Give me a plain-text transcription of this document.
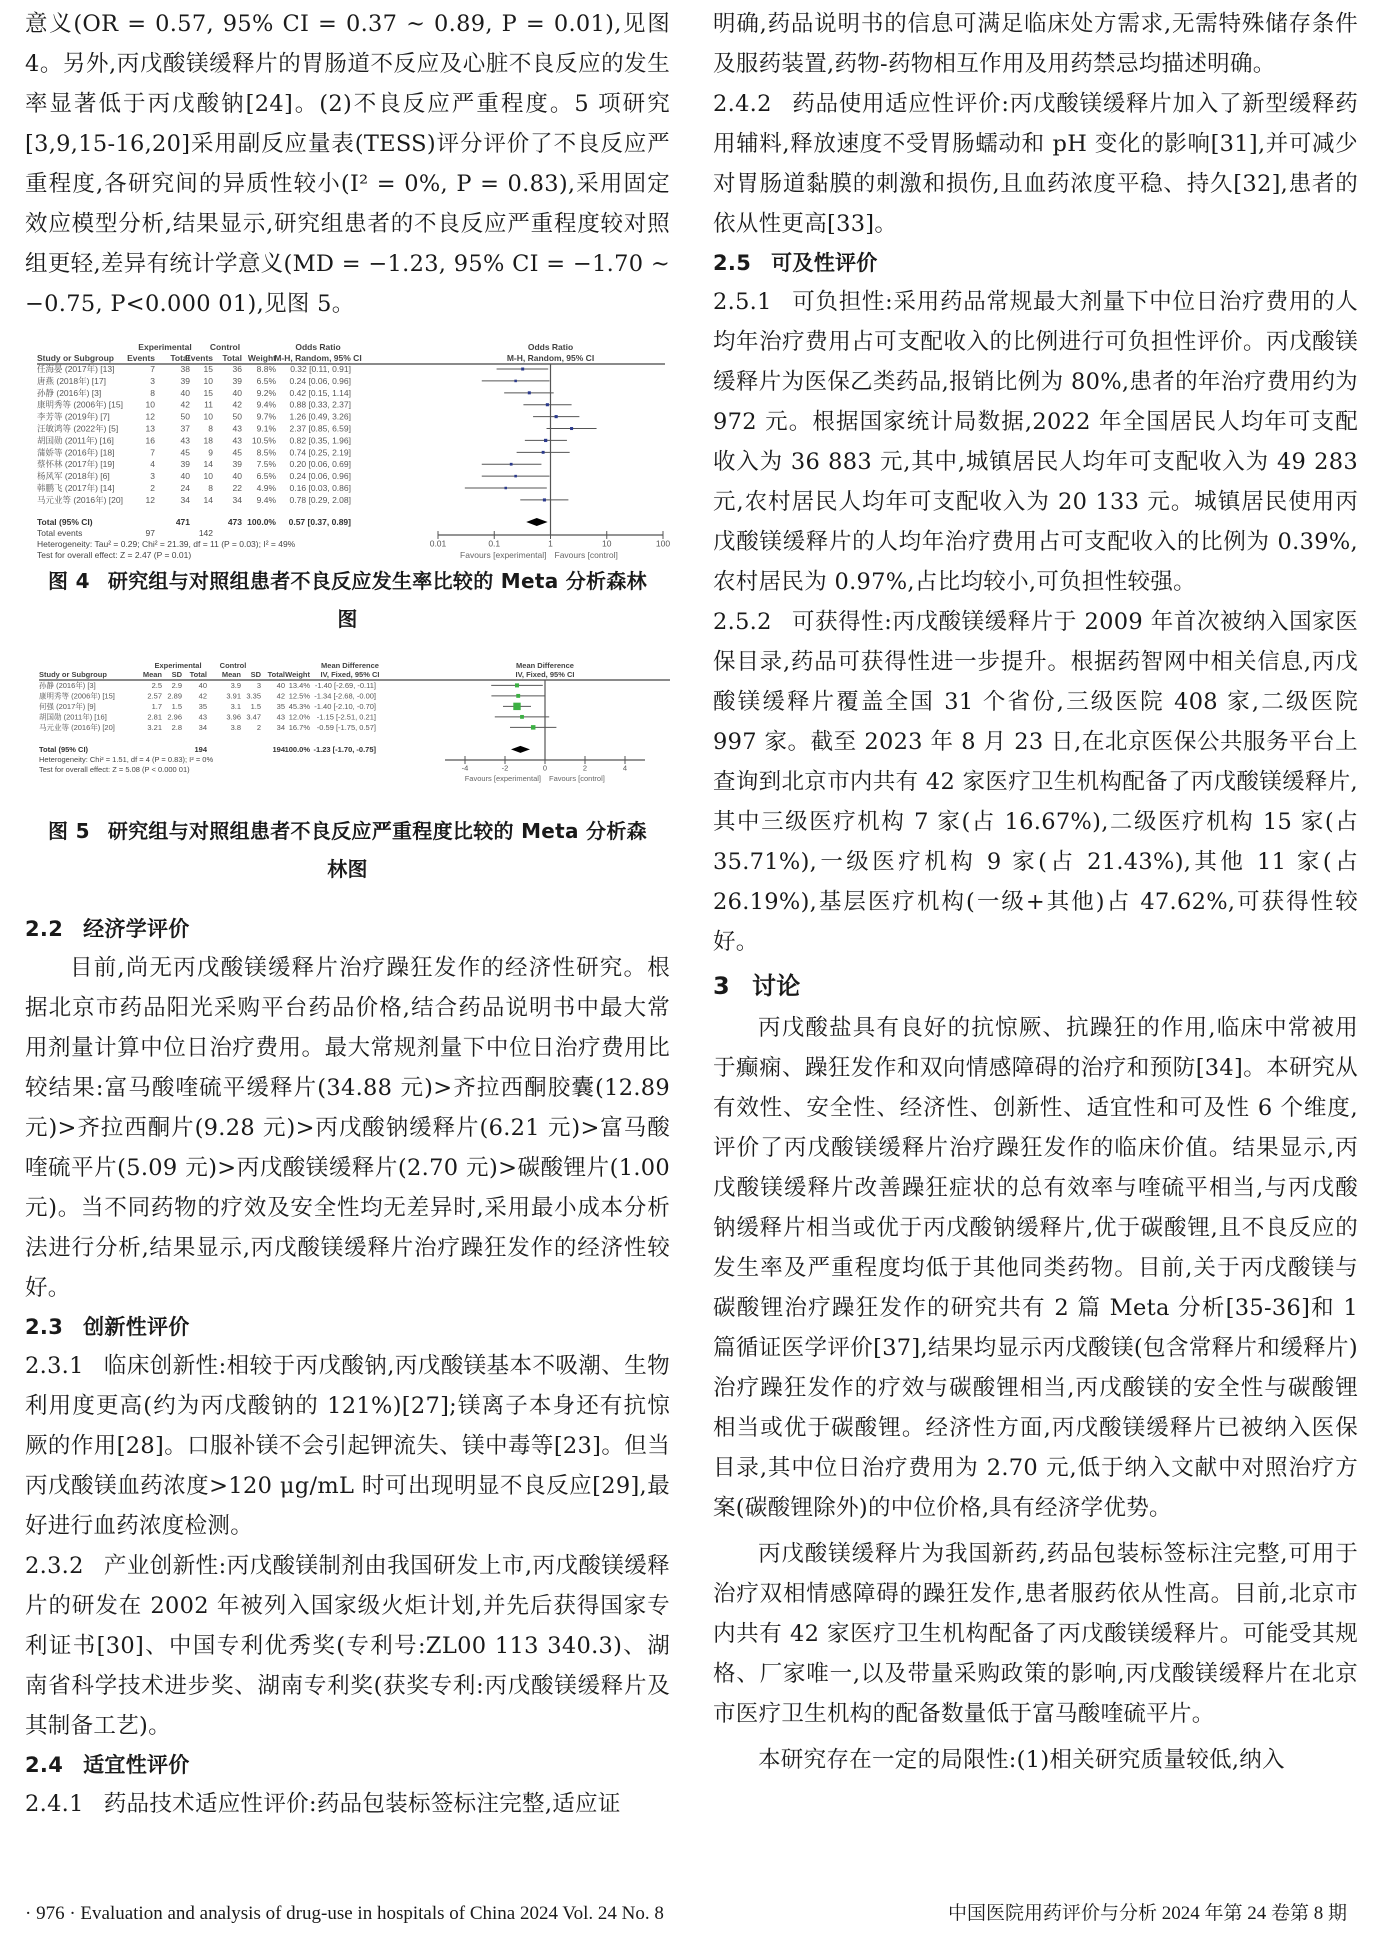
意义(OR = 0.57, 95% CI = 0.37 ~ 0.89, P = 0.01),见图 4。另外,丙戊酸镁缓释片的胃肠道不反应及心脏不良反应的发生率显著低于丙戊酸钠[24]。(2)不良反应严重程度。5 项研究[3,9,15-16,20]采用副反应量表(TESS)评分评价了不良反应严重程度,各研究间的异质性较小(I² = 0%, P = 0.83),采用固定效应模型分析,结果显示,研究组患者的不良反应严重程度较对照组更轻,差异有统计学意义(MD = −1.23, 95% CI = −1.70 ~ −0.75, P<0.000 01),见图 5。

Experimental Control	Odds Ratio
M-H, Random, 95% CI
Odds Ratio
M-H, Random, 95% CI
Study or Subgroup Events Total
Events Total Weight
任海晏 (2017年) [13]	7	38 15 36 8.8% 0.32 [0.11, 0.91]
唐燕 (2018年) [17]	3	39 10 39 6.5% 0.24 [0.06, 0.96]
孙静 (2016年) [3]	8	40 15 40 9.2% 0.42 [0.15, 1.14]
康明秀等 (2006年) [15]	10	42 11 42 9.4% 0.88 [0.33, 2.37]
李芳等 (2019年) [7]	12	50 10 50 9.7% 1.26 [0.49, 3.26]
汪敏鸿等 (2022年) [5]	13	37 8 43 9.1% 2.37 [0.85, 6.59]
胡国勋 (2011年) [16]	16	43 18 43 10.5% 0.82 [0.35, 1.96]
蒲娇等 (2016年) [18]	7	45 9 45 8.5% 0.74 [0.25, 2.19]
蔡怀林 (2017年) [19]	4	39 14 39 7.5% 0.20 [0.06, 0.69]
杨风军 (2018年) [6]	3	40 10 40 6.5% 0.24 [0.06, 0.96]
韩鹏飞 (2017年) [14]	2	24 8 22 4.9% 0.16 [0.03, 0.86]
马元业等 (2016年) [20]	12	34 14 34 9.4% 0.78 [0.29, 2.08]
Total (95% CI)	471	473 100.0% 0.57 [0.37, 0.89]
Total events	97	142
Heterogeneity: Tau² = 0.29; Chi² = 21.39, df = 11 (P = 0.03); I² = 49%
Test for overall effect: Z = 2.47 (P = 0.01)
0.01	0.1	1	10	100
Favours [experimental] Favours [control]

图 4 研究组与对照组患者不良反应发生率比较的 Meta 分析森林图

Experimental Control	Mean Difference
IV, Fixed, 95% CI
Mean Difference
IV, Fixed, 95% CI
Study or Subgroup	Mean SD Total Mean SD Total Weight
孙静 (2016年) [3]	2.5 2.9 40	3.9 3 40 13.4% -1.40 [-2.69, -0.11]
康明秀等 (2006年) [15]	2.57 2.89 42	3.91 3.35 42 12.5% -1.34 [-2.68, -0.00]
何强 (2017年) [9]	1.7 1.5 35	3.1 1.5 35 45.3% -1.40 [-2.10, -0.70]
胡国勋 (2011年) [16]	2.81 2.96 43	3.96 3.47 43 12.0% -1.15 [-2.51, 0.21]
马元业等 (2016年) [20]	3.21 2.8 34	3.8 2 34 16.7% -0.59 [-1.75, 0.57]
Total (95% CI)	194	194 100.0% -1.23 [-1.70, -0.75]
Heterogeneity: Chi² = 1.51, df = 4 (P = 0.83); I² = 0%
Test for overall effect: Z = 5.08 (P < 0.000 01)	-4	-2	0	2	4
Favours [experimental] Favours [control]

图 5 研究组与对照组患者不良反应严重程度比较的 Meta 分析森林图

2.2 经济学评价

目前,尚无丙戊酸镁缓释片治疗躁狂发作的经济性研究。根据北京市药品阳光采购平台药品价格,结合药品说明书中最大常用剂量计算中位日治疗费用。最大常规剂量下中位日治疗费用比较结果:富马酸喹硫平缓释片(34.88 元)>齐拉西酮胶囊(12.89 元)>齐拉西酮片(9.28 元)>丙戊酸钠缓释片(6.21 元)>富马酸喹硫平片(5.09 元)>丙戊酸镁缓释片(2.70 元)>碳酸锂片(1.00 元)。当不同药物的疗效及安全性均无差异时,采用最小成本分析法进行分析,结果显示,丙戊酸镁缓释片治疗躁狂发作的经济性较好。

2.3 创新性评价

2.3.1 临床创新性:相较于丙戊酸钠,丙戊酸镁基本不吸潮、生物利用度更高(约为丙戊酸钠的 121%)[27];镁离子本身还有抗惊厥的作用[28]。口服补镁不会引起钾流失、镁中毒等[23]。但当丙戊酸镁血药浓度>120 μg/mL 时可出现明显不良反应[29],最好进行血药浓度检测。

2.3.2 产业创新性:丙戊酸镁制剂由我国研发上市,丙戊酸镁缓释片的研发在 2002 年被列入国家级火炬计划,并先后获得国家专利证书[30]、中国专利优秀奖(专利号:ZL00 113 340.3)、湖南省科学技术进步奖、湖南专利奖(获奖专利:丙戊酸镁缓释片及其制备工艺)。

2.4 适宜性评价

2.4.1 药品技术适应性评价:药品包装标签标注完整,适应证

明确,药品说明书的信息可满足临床处方需求,无需特殊储存条件及服药装置,药物-药物相互作用及用药禁忌均描述明确。

2.4.2 药品使用适应性评价:丙戊酸镁缓释片加入了新型缓释药用辅料,释放速度不受胃肠蠕动和 pH 变化的影响[31],并可减少对胃肠道黏膜的刺激和损伤,且血药浓度平稳、持久[32],患者的依从性更高[33]。

2.5 可及性评价

2.5.1 可负担性:采用药品常规最大剂量下中位日治疗费用的人均年治疗费用占可支配收入的比例进行可负担性评价。丙戊酸镁缓释片为医保乙类药品,报销比例为 80%,患者的年治疗费用约为 972 元。根据国家统计局数据,2022 年全国居民人均年可支配收入为 36 883 元,其中,城镇居民人均年可支配收入为 49 283 元,农村居民人均年可支配收入为 20 133 元。城镇居民使用丙戊酸镁缓释片的人均年治疗费用占可支配收入的比例为 0.39%,农村居民为 0.97%,占比均较小,可负担性较强。

2.5.2 可获得性:丙戊酸镁缓释片于 2009 年首次被纳入国家医保目录,药品可获得性进一步提升。根据药智网中相关信息,丙戊酸镁缓释片覆盖全国 31 个省份,三级医院 408 家,二级医院 997 家。截至 2023 年 8 月 23 日,在北京医保公共服务平台上查询到北京市内共有 42 家医疗卫生机构配备了丙戊酸镁缓释片,其中三级医疗机构 7 家(占 16.67%),二级医疗机构 15 家(占 35.71%),一级医疗机构 9 家(占 21.43%),其他 11 家(占 26.19%),基层医疗机构(一级+其他)占 47.62%,可获得性较好。

3 讨论

丙戊酸盐具有良好的抗惊厥、抗躁狂的作用,临床中常被用于癫痫、躁狂发作和双向情感障碍的治疗和预防[34]。本研究从有效性、安全性、经济性、创新性、适宜性和可及性 6 个维度,评价了丙戊酸镁缓释片治疗躁狂发作的临床价值。结果显示,丙戊酸镁缓释片改善躁狂症状的总有效率与喹硫平相当,与丙戊酸钠缓释片相当或优于丙戊酸钠缓释片,优于碳酸锂,且不良反应的发生率及严重程度均低于其他同类药物。目前,关于丙戊酸镁与碳酸锂治疗躁狂发作的研究共有 2 篇 Meta 分析[35-36]和 1 篇循证医学评价[37],结果均显示丙戊酸镁(包含常释片和缓释片)治疗躁狂发作的疗效与碳酸锂相当,丙戊酸镁的安全性与碳酸锂相当或优于碳酸锂。经济性方面,丙戊酸镁缓释片已被纳入医保目录,其中位日治疗费用为 2.70 元,低于纳入文献中对照治疗方案(碳酸锂除外)的中位价格,具有经济学优势。

丙戊酸镁缓释片为我国新药,药品包装标签标注完整,可用于治疗双相情感障碍的躁狂发作,患者服药依从性高。目前,北京市内共有 42 家医疗卫生机构配备了丙戊酸镁缓释片。可能受其规格、厂家唯一,以及带量采购政策的影响,丙戊酸镁缓释片在北京市医疗卫生机构的配备数量低于富马酸喹硫平片。

本研究存在一定的局限性:(1)相关研究质量较低,纳入

· 976 · Evaluation and analysis of drug-use in hospitals of China 2024 Vol. 24 No. 8	中国医院用药评价与分析 2024 年第 24 卷第 8 期
